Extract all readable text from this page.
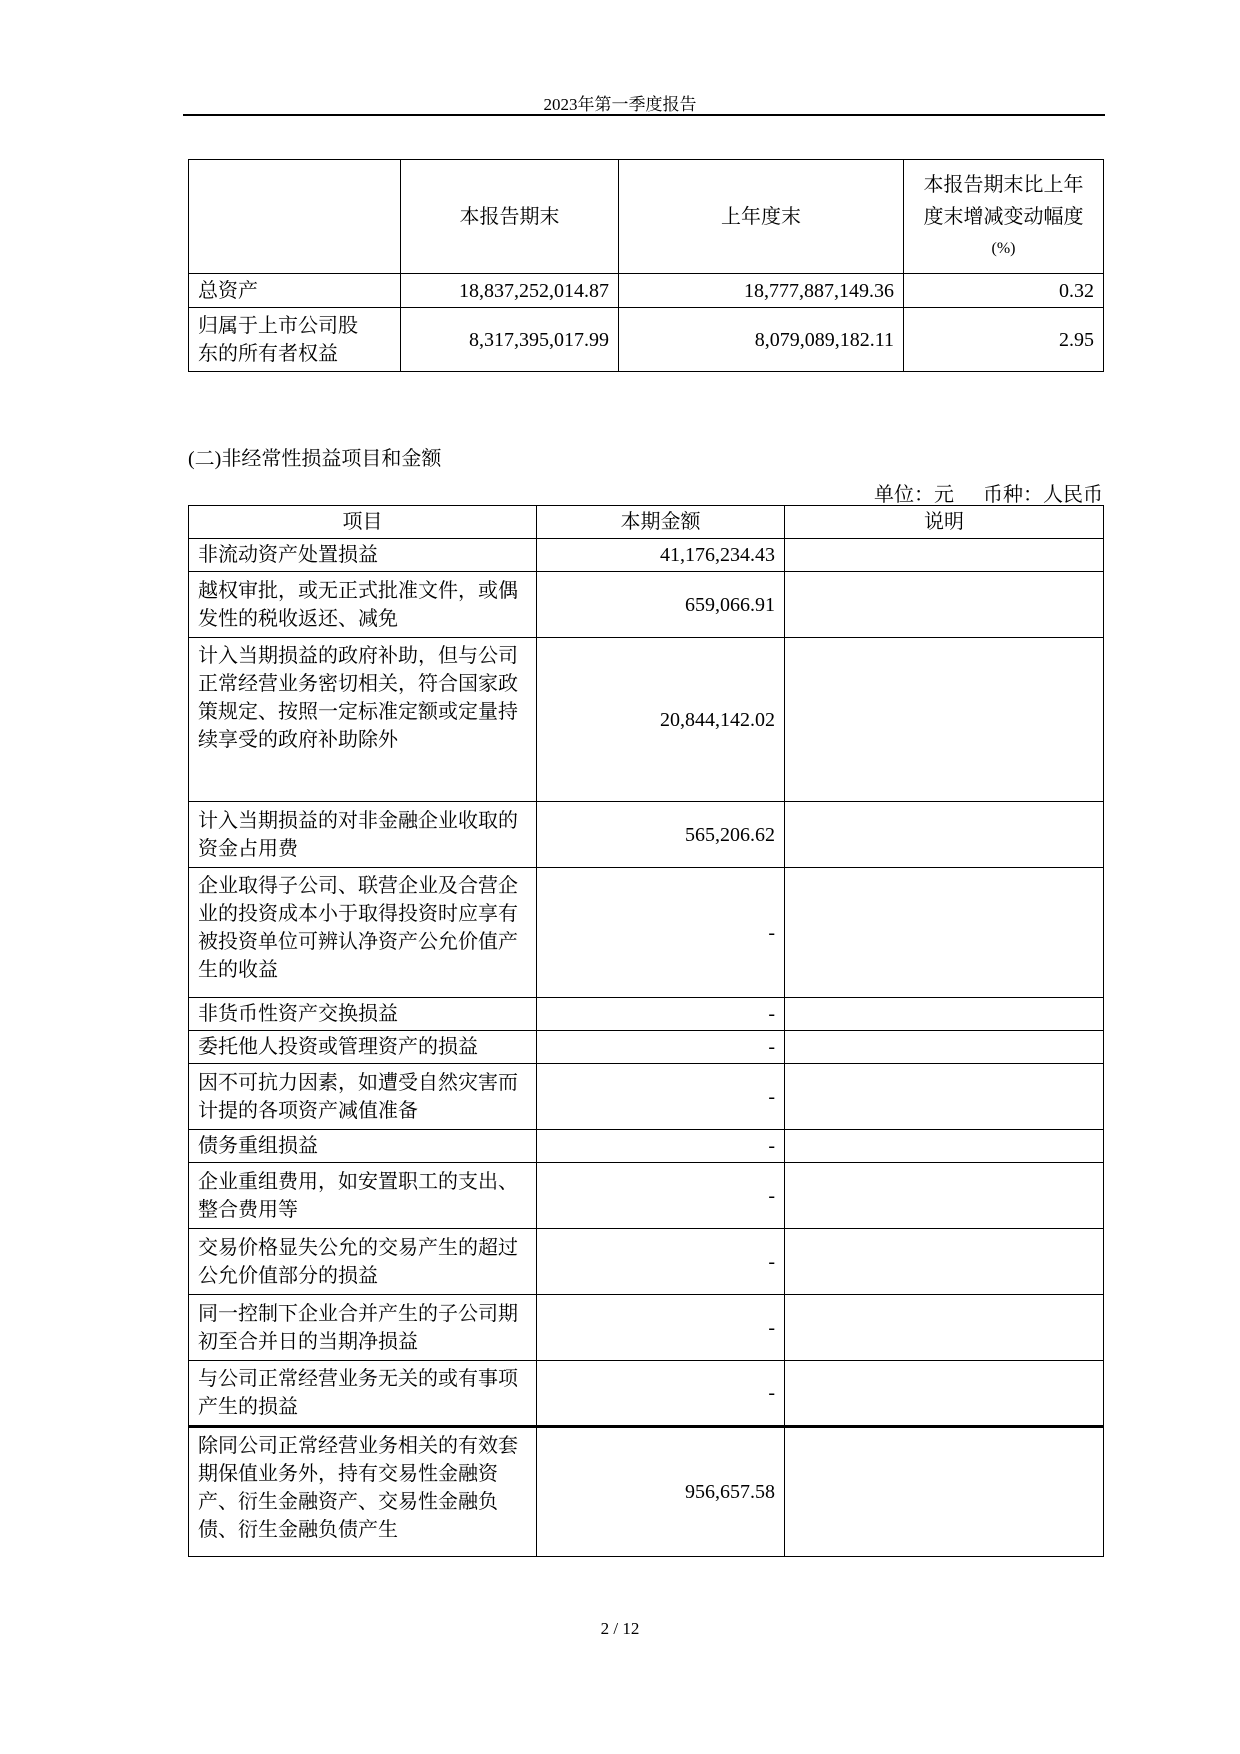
2023年第一季度报告
	本报告期末	上年度末	本报告期末比上年
度末增减变动幅度
(%)

总资产	18,837,252,014.87	18,777,887,149.36	0.32

归属于上市公司股
东的所有者权益	8,317,395,017.99	8,079,089,182.11	2.95
(二)非经常性损益项目和金额
单位：元 币种：人民币
项目	本期金额	说明
非流动资产处置损益	41,176,234.43	
越权审批，或无正式批准文件，或偶发性的税收返还、减免	659,066.91	
计入当期损益的政府补助，但与公司正常经营业务密切相关，符合国家政策规定、按照一定标准定额或定量持续享受的政府补助除外	20,844,142.02	
计入当期损益的对非金融企业收取的资金占用费	565,206.62	
企业取得子公司、联营企业及合营企业的投资成本小于取得投资时应享有被投资单位可辨认净资产公允价值产生的收益	-	
非货币性资产交换损益	-	
委托他人投资或管理资产的损益	-	
因不可抗力因素，如遭受自然灾害而计提的各项资产减值准备	-	
债务重组损益	-	
企业重组费用，如安置职工的支出、整合费用等	-	
交易价格显失公允的交易产生的超过公允价值部分的损益	-	
同一控制下企业合并产生的子公司期初至合并日的当期净损益	-	
与公司正常经营业务无关的或有事项产生的损益	-	
除同公司正常经营业务相关的有效套期保值业务外，持有交易性金融资产、衍生金融资产、交易性金融负债、衍生金融负债产生	956,657.58	
2 / 12
